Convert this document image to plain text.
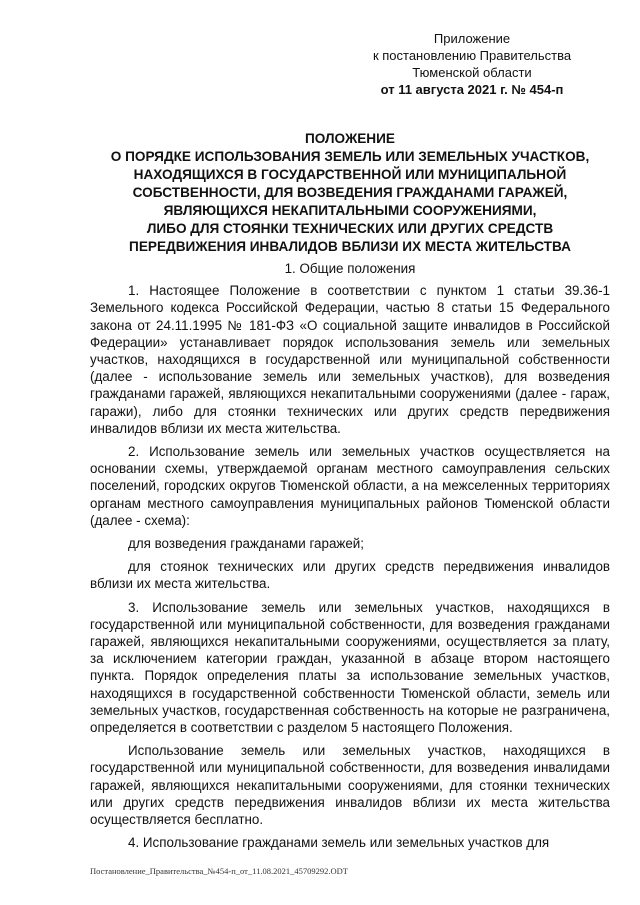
Приложение
к постановлению Правительства
Тюменской области
от 11 августа 2021 г. № 454-п
ПОЛОЖЕНИЕ
О ПОРЯДКЕ ИСПОЛЬЗОВАНИЯ ЗЕМЕЛЬ ИЛИ ЗЕМЕЛЬНЫХ УЧАСТКОВ,
НАХОДЯЩИХСЯ В ГОСУДАРСТВЕННОЙ ИЛИ МУНИЦИПАЛЬНОЙ
СОБСТВЕННОСТИ, ДЛЯ ВОЗВЕДЕНИЯ ГРАЖДАНАМИ ГАРАЖЕЙ,
ЯВЛЯЮЩИХСЯ НЕКАПИТАЛЬНЫМИ СООРУЖЕНИЯМИ,
ЛИБО ДЛЯ СТОЯНКИ ТЕХНИЧЕСКИХ ИЛИ ДРУГИХ СРЕДСТВ
ПЕРЕДВИЖЕНИЯ ИНВАЛИДОВ ВБЛИЗИ ИХ МЕСТА ЖИТЕЛЬСТВА
1. Общие положения

1. Настоящее Положение в соответствии с пунктом 1 статьи 39.36-1 Земельного кодекса Российской Федерации, частью 8 статьи 15 Федерального закона от 24.11.1995 № 181-ФЗ «О социальной защите инвалидов в Российской Федерации» устанавливает порядок использования земель или земельных участков, находящихся в государственной или муниципальной собственности (далее - использование земель или земельных участков), для возведения гражданами гаражей, являющихся некапитальными сооружениями (далее - гараж, гаражи), либо для стоянки технических или других средств передвижения инвалидов вблизи их места жительства.

2. Использование земель или земельных участков осуществляется на основании схемы, утверждаемой органам местного самоуправления сельских поселений, городских округов Тюменской области, а на межселенных территориях органам местного самоуправления муниципальных районов Тюменской области (далее - схема):

для возведения гражданами гаражей;

для стоянок технических или других средств передвижения инвалидов вблизи их места жительства.

3. Использование земель или земельных участков, находящихся в государственной или муниципальной собственности, для возведения гражданами гаражей, являющихся некапитальными сооружениями, осуществляется за плату, за исключением категории граждан, указанной в абзаце втором настоящего пункта. Порядок определения платы за использование земельных участков, находящихся в государственной собственности Тюменской области, земель или земельных участков, государственная собственность на которые не разграничена, определяется в соответствии с разделом 5 настоящего Положения.

Использование земель или земельных участков, находящихся в государственной или муниципальной собственности, для возведения инвалидами гаражей, являющихся некапитальными сооружениями, для стоянки технических или других средств передвижения инвалидов вблизи их места жительства осуществляется бесплатно.

4. Использование гражданами земель или земельных участков для

Постановление_Правительства_№454-п_от_11.08.2021_45709292.ODT
